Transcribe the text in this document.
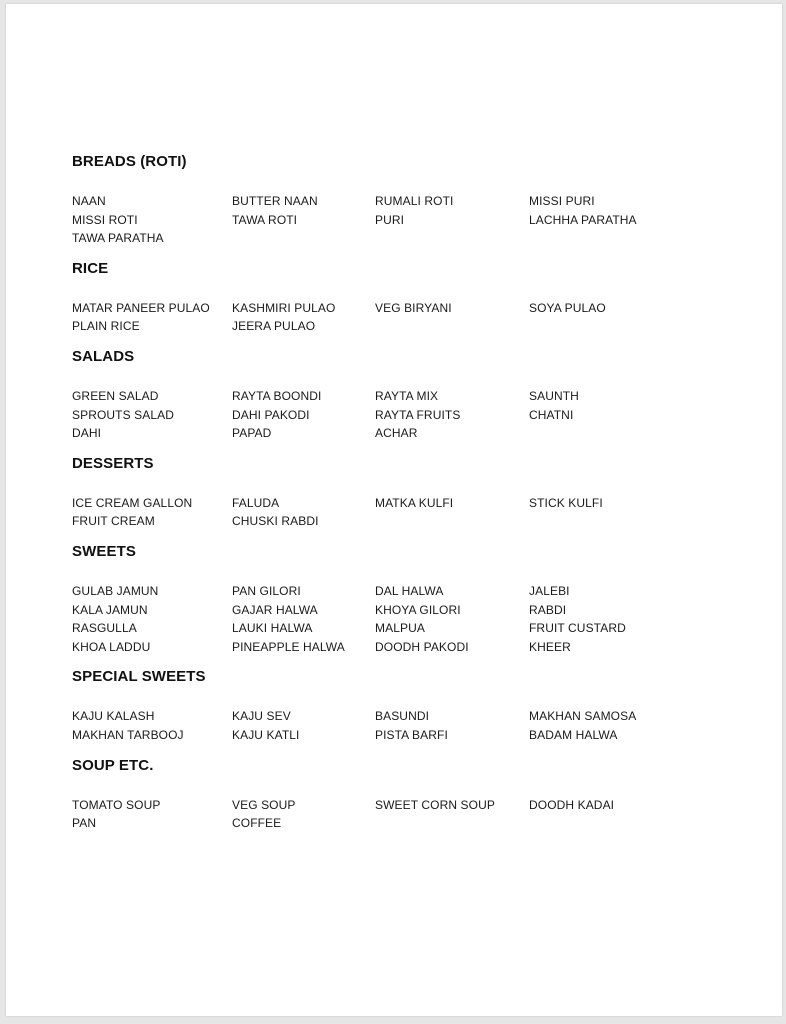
BREADS (ROTI)
NAAN	BUTTER NAAN	RUMALI ROTI	MISSI PURI
MISSI ROTI	TAWA ROTI	PURI	LACHHA PARATHA
TAWA PARATHA
RICE
MATAR PANEER PULAO	KASHMIRI PULAO	VEG BIRYANI	SOYA PULAO
PLAIN RICE	JEERA PULAO
SALADS
GREEN SALAD	RAYTA BOONDI	RAYTA MIX	SAUNTH
SPROUTS SALAD	DAHI PAKODI	RAYTA FRUITS	CHATNI
DAHI	PAPAD	ACHAR
DESSERTS
ICE CREAM GALLON	FALUDA	MATKA KULFI	STICK KULFI
FRUIT CREAM	CHUSKI RABDI
SWEETS
GULAB JAMUN	PAN GILORI	DAL HALWA	JALEBI
KALA JAMUN	GAJAR HALWA	KHOYA GILORI	RABDI
RASGULLA	LAUKI HALWA	MALPUA	FRUIT CUSTARD
KHOA LADDU	PINEAPPLE HALWA	DOODH PAKODI	KHEER
SPECIAL SWEETS
KAJU KALASH	KAJU SEV	BASUNDI	MAKHAN SAMOSA
MAKHAN TARBOOJ	KAJU KATLI	PISTA BARFI	BADAM HALWA
SOUP ETC.
TOMATO SOUP	VEG SOUP	SWEET CORN SOUP	DOODH KADAI
PAN	COFFEE
